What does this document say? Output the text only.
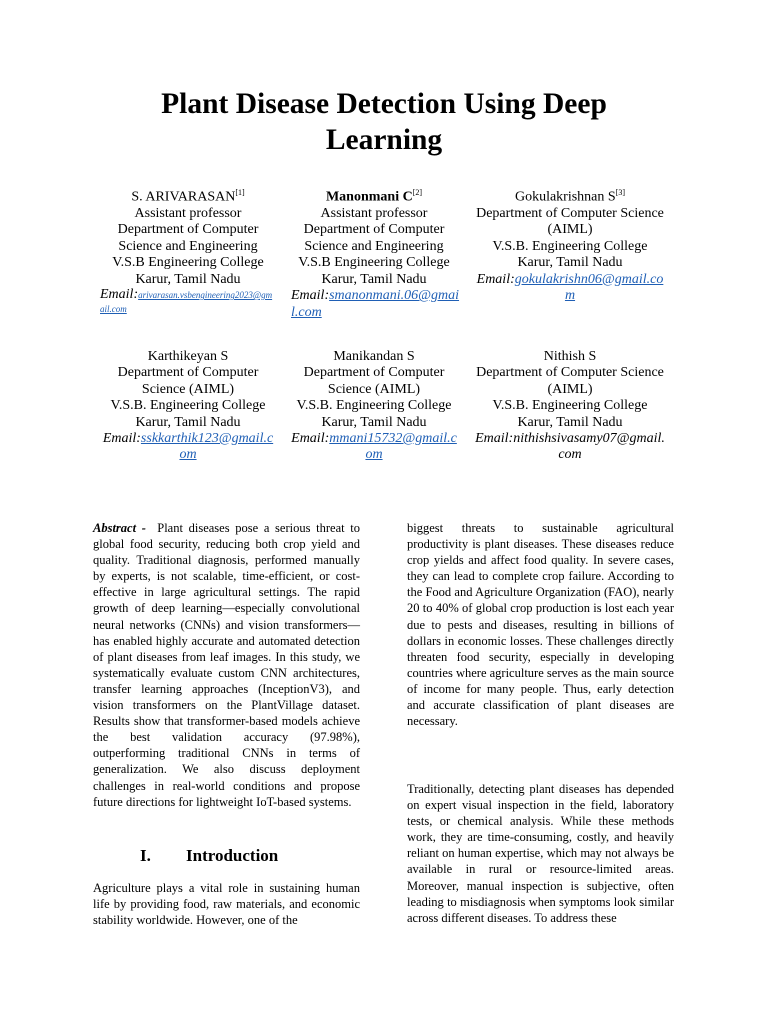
Plant Disease Detection Using Deep
Learning
S. ARIVARASAN[1]
Assistant professor
Department of Computer
Science and Engineering
V.S.B Engineering College
Karur, Tamil Nadu
Email:arivarasan.vsbengineering2023@gmail.com
Manonmani C[2]
Assistant professor
Department of Computer
Science and Engineering
V.S.B Engineering College
Karur, Tamil Nadu
Email:smanonmani.06@gmail.com
Gokulakrishnan S[3]
Department of Computer Science
(AIML)
V.S.B. Engineering College
Karur, Tamil Nadu
Email:gokulakrishn06@gmail.com
Karthikeyan S
Department of Computer
Science (AIML)
V.S.B. Engineering College
Karur, Tamil Nadu
Email:sskkarthik123@gmail.com
Manikandan S
Department of Computer
Science (AIML)
V.S.B. Engineering College
Karur, Tamil Nadu
Email:mmani15732@gmail.com
Nithish S
Department of Computer Science
(AIML)
V.S.B. Engineering College
Karur, Tamil Nadu
Email:nithishsivasamy07@gmail.com

Abstract - Plant diseases pose a serious threat to global food security, reducing both crop yield and quality. Traditional diagnosis, performed manually by experts, is not scalable, time-efficient, or cost-effective in large agricultural settings. The rapid growth of deep learning—especially convolutional neural networks (CNNs) and vision transformers—has enabled highly accurate and automated detection of plant diseases from leaf images. In this study, we systematically evaluate custom CNN architectures, transfer learning approaches (InceptionV3), and vision transformers on the PlantVillage dataset. Results show that transformer-based models achieve the best validation accuracy (97.98%), outperforming traditional CNNs in terms of generalization. We also discuss deployment challenges in real-world conditions and propose future directions for lightweight IoT-based systems.

I. Introduction

Agriculture plays a vital role in sustaining human life by providing food, raw materials, and economic stability worldwide. However, one of the

biggest threats to sustainable agricultural productivity is plant diseases. These diseases reduce crop yields and affect food quality. In severe cases, they can lead to complete crop failure. According to the Food and Agriculture Organization (FAO), nearly 20 to 40% of global crop production is lost each year due to pests and diseases, resulting in billions of dollars in economic losses. These challenges directly threaten food security, especially in developing countries where agriculture serves as the main source of income for many people. Thus, early detection and accurate classification of plant diseases are necessary.

Traditionally, detecting plant diseases has depended on expert visual inspection in the field, laboratory tests, or chemical analysis. While these methods work, they are time-consuming, costly, and heavily reliant on human expertise, which may not always be available in rural or resource-limited areas. Moreover, manual inspection is subjective, often leading to misdiagnosis when symptoms look similar across different diseases. To address these
